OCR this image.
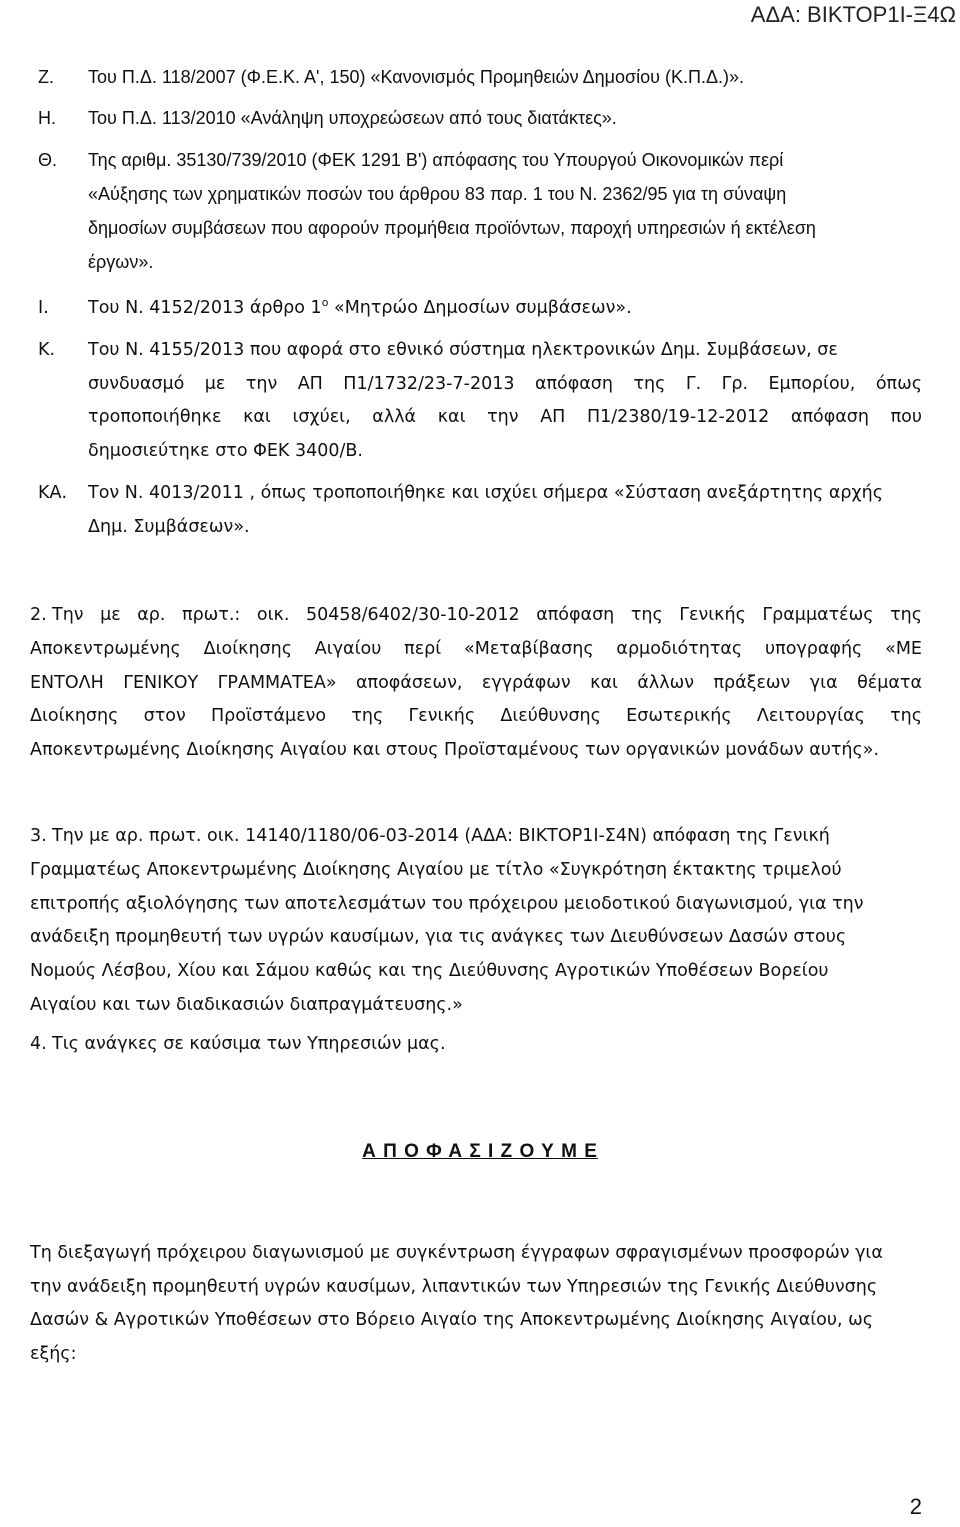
ΑΔΑ: ΒΙΚΤΟΡ1Ι-Ξ4Ω
Ζ. Του Π.Δ. 118/2007 (Φ.Ε.Κ. Α', 150) «Κανονισμός Προμηθειών Δημοσίου (Κ.Π.Δ.)».
Η. Του Π.Δ. 113/2010 «Ανάληψη υποχρεώσεων από τους διατάκτες».
Θ. Της αριθμ. 35130/739/2010 (ΦΕΚ 1291 Β') απόφασης του Υπουργού Οικονομικών περί
«Αύξησης των χρηματικών ποσών του άρθρου 83 παρ. 1 του Ν. 2362/95 για τη σύναψη
δημοσίων συμβάσεων που αφορούν προμήθεια προϊόντων, παροχή υπηρεσιών ή εκτέλεση
έργων».
Ι. Του Ν. 4152/2013 άρθρο $1^o$ «Μητρώο Δημοσίων συμβάσεων».
Κ. Του Ν. 4155/2013 που αφορά στο εθνικό σύστημα ηλεκτρονικών Δημ. Συμβάσεων, σε
συνδυασμό με την ΑΠ Π1/1732/23-7-2013 απόφαση της Γ. Γρ. Εμπορίου, όπως
τροποποιήθηκε και ισχύει, αλλά και την ΑΠ Π1/2380/19-12-2012 απόφαση που
δημοσιεύτηκε στο ΦΕΚ 3400/Β.
ΚΑ. Τον Ν. 4013/2011 , όπως τροποποιήθηκε και ισχύει σήμερα «Σύσταση ανεξάρτητης αρχής
Δημ. Συμβάσεων».
2. Την με αρ. πρωτ.: οικ. 50458/6402/30-10-2012 απόφαση της Γενικής Γραμματέως της
Αποκεντρωμένης Διοίκησης Αιγαίου περί «Μεταβίβασης αρμοδιότητας υπογραφής «ΜΕ
ΕΝΤΟΛΗ ΓΕΝΙΚΟΥ ΓΡΑΜΜΑΤΕΑ» αποφάσεων, εγγράφων και άλλων πράξεων για θέματα
Διοίκησης στον Προϊστάμενο της Γενικής Διεύθυνσης Εσωτερικής Λειτουργίας της
Αποκεντρωμένης Διοίκησης Αιγαίου και στους Προϊσταμένους των οργανικών μονάδων αυτής».
3. Την με αρ. πρωτ. οικ. 14140/1180/06-03-2014 (ΑΔΑ: ΒΙΚΤΟΡ1Ι-Σ4Ν) απόφαση της Γενική
Γραμματέως Αποκεντρωμένης Διοίκησης Αιγαίου με τίτλο «Συγκρότηση έκτακτης τριμελού
επιτροπής αξιολόγησης των αποτελεσμάτων του πρόχειρου μειοδοτικού διαγωνισμού, για την
ανάδειξη προμηθευτή των υγρών καυσίμων, για τις ανάγκες των Διευθύνσεων Δασών στους
Νομούς Λέσβου, Χίου και Σάμου καθώς και της Διεύθυνσης Αγροτικών Υποθέσεων Βορείου
Αιγαίου και των διαδικασιών διαπραγμάτευσης.»
4. Τις ανάγκες σε καύσιμα των Υπηρεσιών μας.
Α Π Ο Φ Α Σ Ι Ζ Ο Υ Μ Ε
Τη διεξαγωγή πρόχειρου διαγωνισμού με συγκέντρωση έγγραφων σφραγισμένων προσφορών για
την ανάδειξη προμηθευτή υγρών καυσίμων, λιπαντικών των Υπηρεσιών της Γενικής Διεύθυνσης
Δασών & Αγροτικών Υποθέσεων στο Βόρειο Αιγαίο της Αποκεντρωμένης Διοίκησης Αιγαίου, ως
εξής:
2
